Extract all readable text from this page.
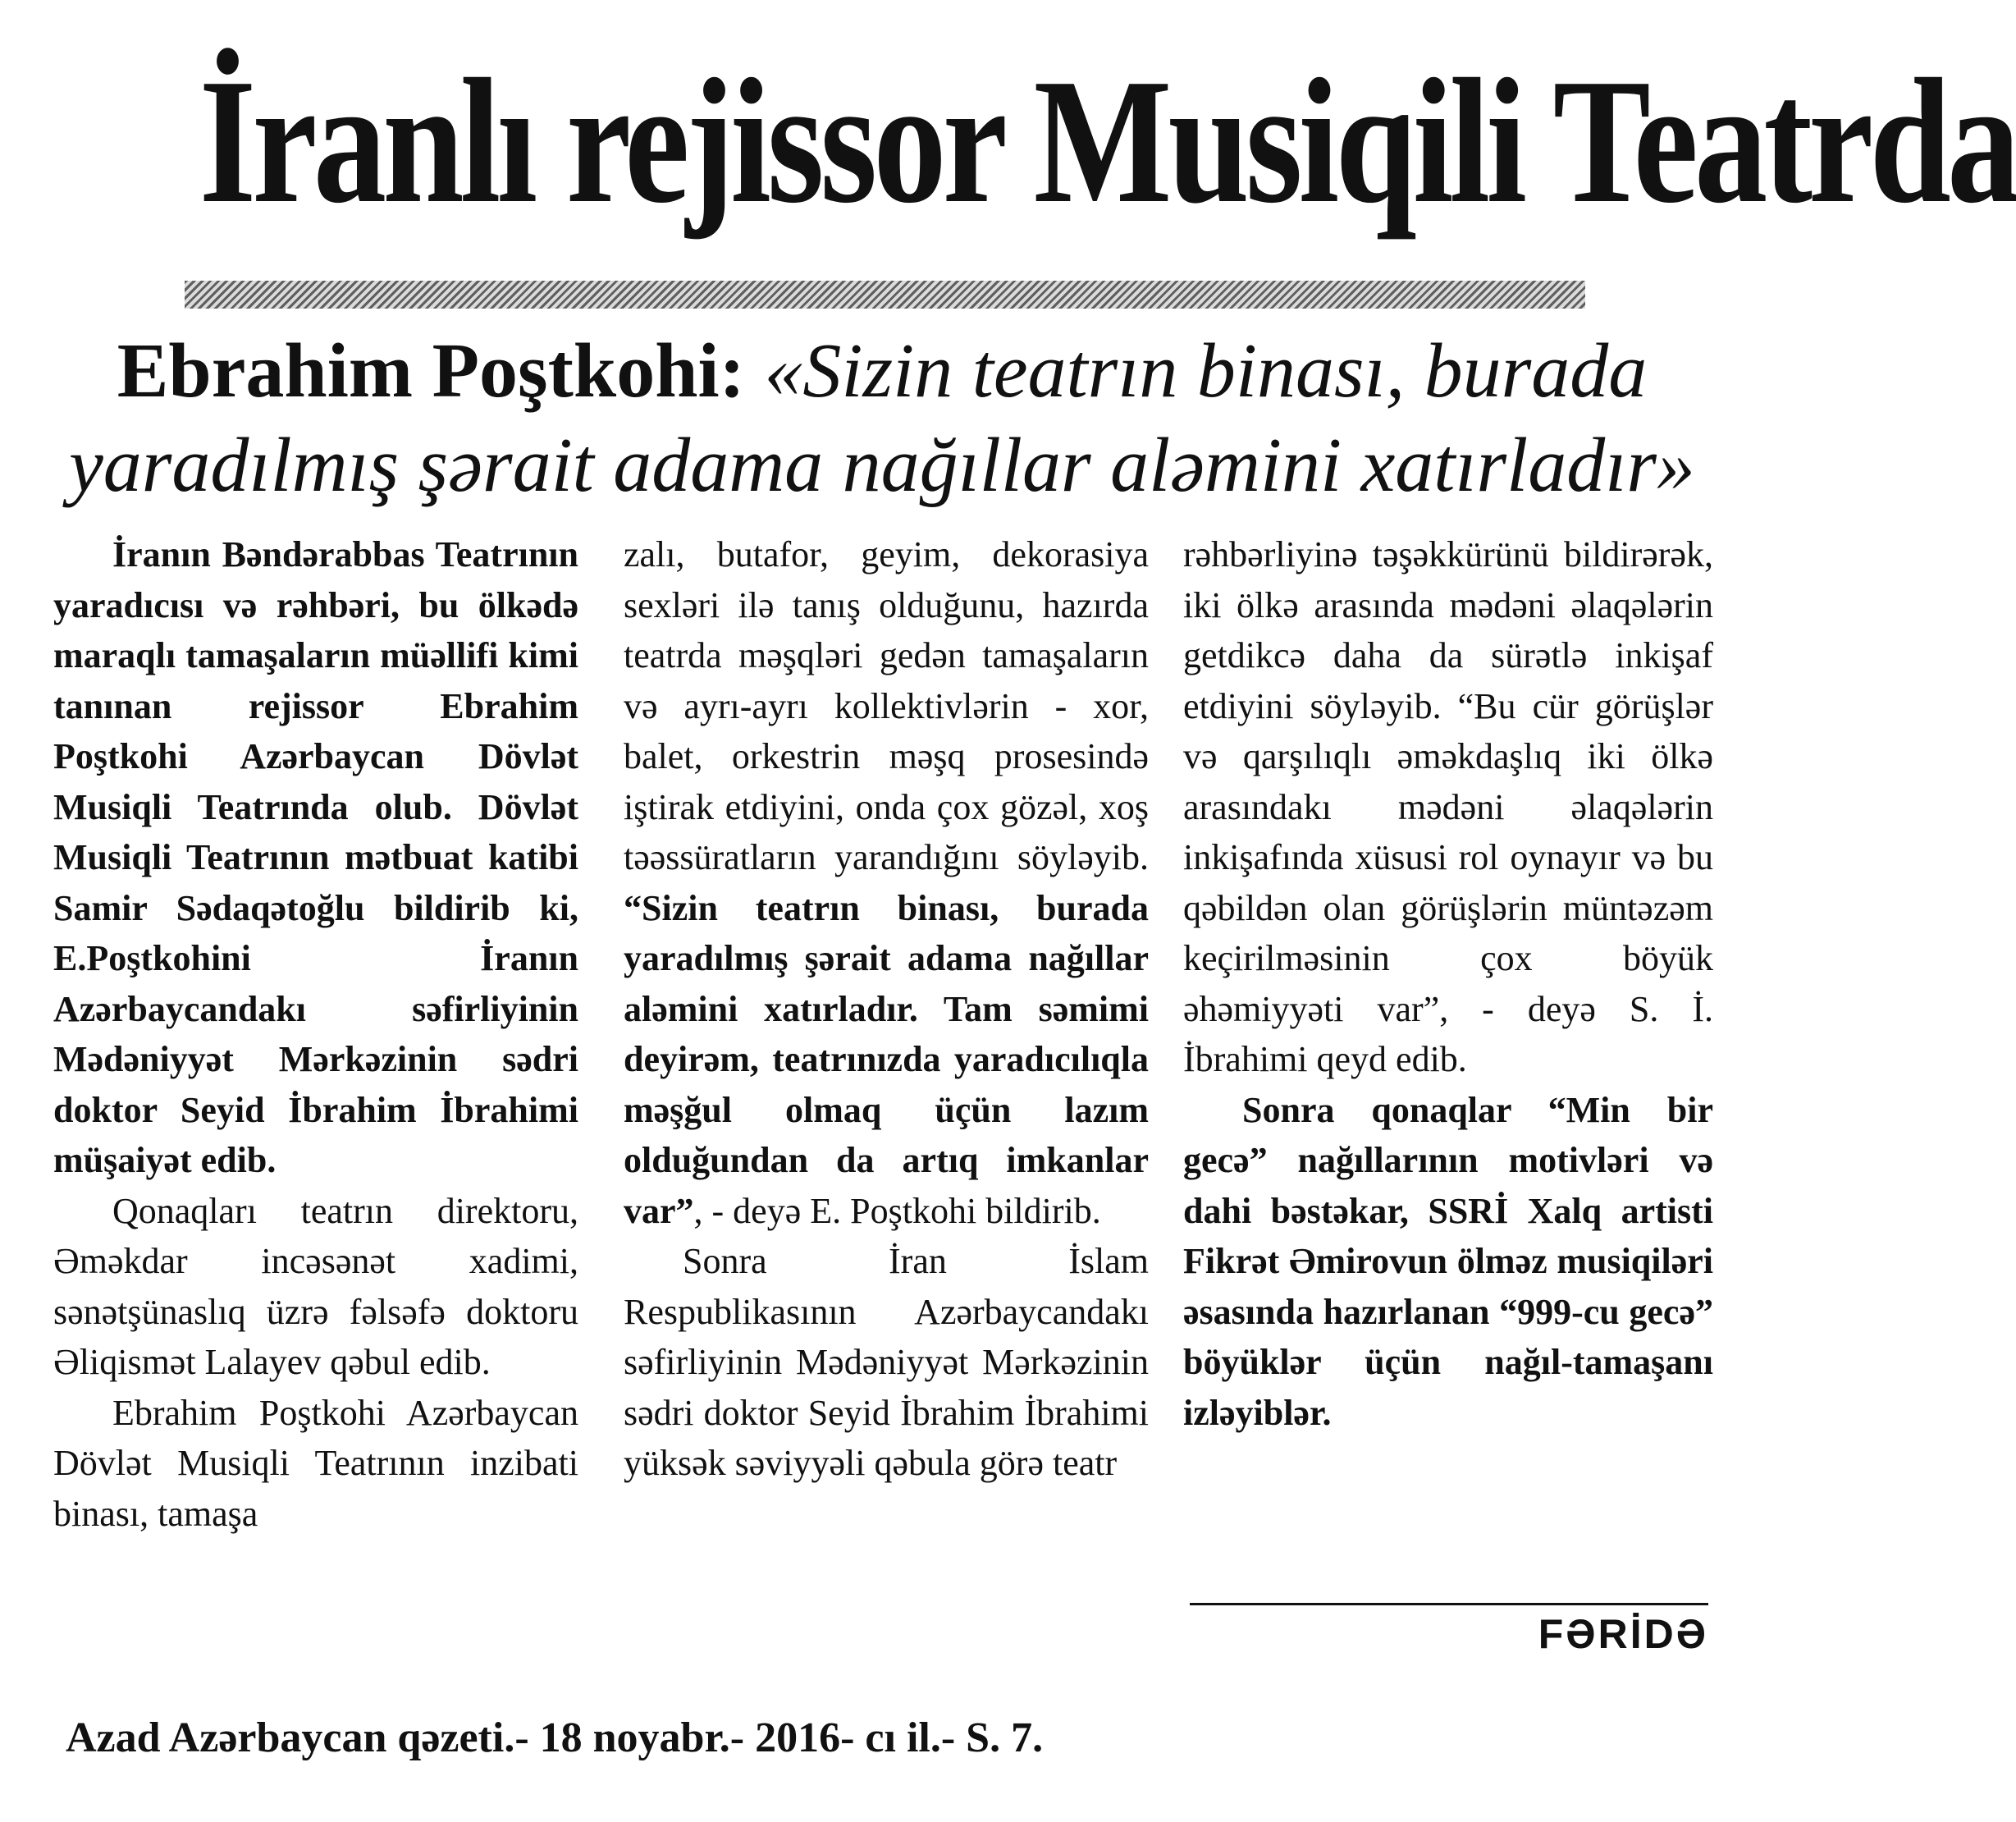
İranlı rejissor Musiqili Teatrda
Ebrahim Poştkohi: «Sizin teatrın binası, burada yaradılmış şərait adama nağıllar aləmini xatırladır»

İranın Bəndərabbas Teatrının yaradıcısı və rəhbəri, bu ölkədə maraqlı tamaşaların müəllifi kimi tanınan rejissor Ebrahim Poştkohi Azərbaycan Dövlət Musiqli Teatrında olub. Dövlət Musiqli Teatrının mətbuat katibi Samir Sədaqətoğlu bildirib ki, E.Poştkohini İranın Azərbaycandakı səfirliyinin Mədəniyyət Mərkəzinin sədri doktor Seyid İbrahim İbrahimi müşaiyət edib.

Qonaqları teatrın direktoru, Əməkdar incəsənət xadimi, sənətşünaslıq üzrə fəlsəfə doktoru Əliqismət Lalayev qəbul edib.

Ebrahim Poştkohi Azərbaycan Dövlət Musiqli Teatrının inzibati binası, tamaşa

zalı, butafor, geyim, dekorasiya sexləri ilə tanış olduğunu, hazırda teatrda məşqləri gedən tamaşaların və ayrı-ayrı kollektivlərin - xor, balet, orkestrin məşq prosesində iştirak etdiyini, onda çox gözəl, xoş təəssüratların yarandığını söyləyib. “Sizin teatrın binası, burada yaradılmış şərait adama nağıllar aləmini xatırladır. Tam səmimi deyirəm, teatrınızda yaradıcılıqla məşğul olmaq üçün lazım olduğundan da artıq imkanlar var”, - deyə E. Poştkohi bildirib.

Sonra İran İslam Respublikasının Azərbaycandakı səfirliyinin Mədəniyyət Mərkəzinin sədri doktor Seyid İbrahim İbrahimi yüksək səviyyəli qəbula görə teatr

rəhbərliyinə təşəkkürünü bildirərək, iki ölkə arasında mədəni əlaqələrin getdikcə daha da sürətlə inkişaf etdiyini söyləyib. “Bu cür görüşlər və qarşılıqlı əməkdaşlıq iki ölkə arasındakı mədəni əlaqələrin inkişafında xüsusi rol oynayır və bu qəbildən olan görüşlərin müntəzəm keçirilməsinin çox böyük əhəmiyyəti var”, - deyə S. İ. İbrahimi qeyd edib.

Sonra qonaqlar “Min bir gecə” nağıllarının motivləri və dahi bəstəkar, SSRİ Xalq artisti Fikrət Əmirovun ölməz musiqiləri əsasında hazırlanan “999-cu gecə” böyüklər üçün nağıl-tamaşanı izləyiblər.

FƏRİDƏ
Azad Azərbaycan qəzeti.- 18 noyabr.- 2016- cı il.- S. 7.
